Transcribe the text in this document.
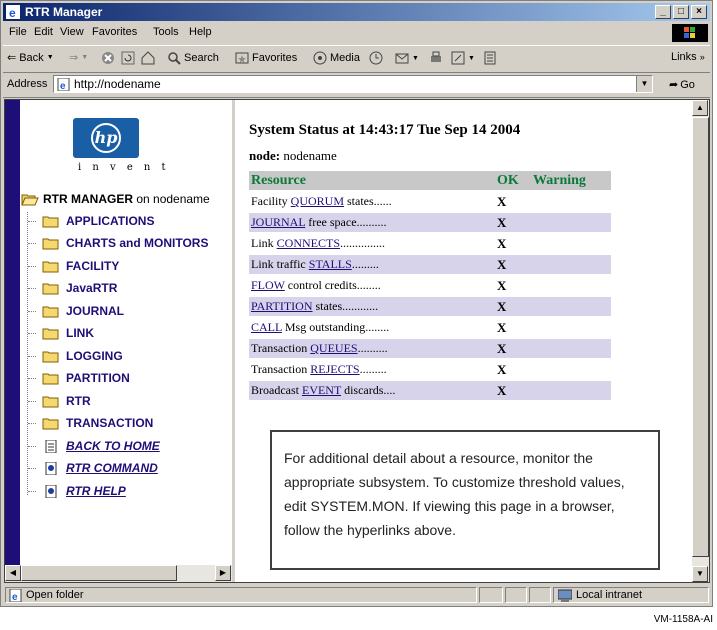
e RTR Manager	_	□	×
File Edit View Favorites Tools Help
⇐ Back ▼ ⇒ ▼	Search	Favorites	Media	▼	▼	Links »
Address e http://nodename	▼	➦ Go
hp
i n v e n t
RTR MANAGER on nodename
APPLICATIONS
CHARTS and MONITORS
FACILITY
JavaRTR
JOURNAL
LINK
LOGGING
PARTITION
RTR
TRANSACTION
BACK TO HOME
RTR COMMAND
RTR HELP
◀	▶
System Status at 14:43:17 Tue Sep 14 2004
node: nodename
Resource	OK	Warning
Facility QUORUM states......	X	
JOURNAL free space..........	X	
Link CONNECTS...............	X	
Link traffic STALLS.........	X	
FLOW control credits........	X	
PARTITION states............	X	
CALL Msg outstanding........	X	
Transaction QUEUES..........	X	
Transaction REJECTS.........	X	
Broadcast EVENT discards....	X	
For additional detail about a resource, monitor the appropriate subsystem. To customize threshold values, edit SYSTEM.MON. If viewing this page in a browser, follow the hyperlinks above.
▲
▼
e Open folder	Local intranet
VM-1158A-AI
